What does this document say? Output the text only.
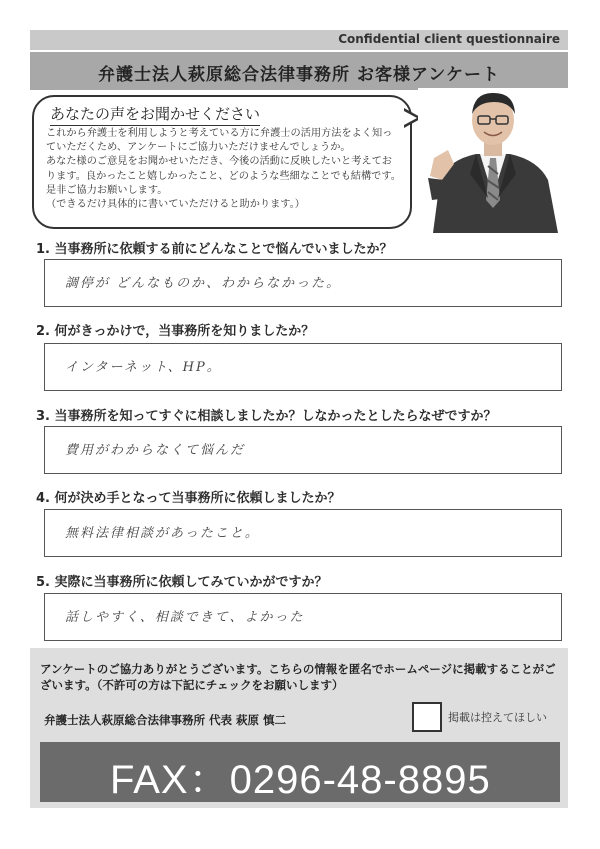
Confidential client questionnaire
弁護士法人萩原総合法律事務所 お客様アンケート
あなたの声をお聞かせください
これから弁護士を利用しようと考えている方に弁護士の活用方法をよく知っていただくため、アンケートにご協力いただけませんでしょうか。
あなた様のご意見をお聞かせいただき、今後の活動に反映したいと考えております。良かったこと嬉しかったこと、どのような些細なことでも結構です。是非ご協力お願いします。
（できるだけ具体的に書いていただけると助かります。）
1. 当事務所に依頼する前にどんなことで悩んでいましたか？
調停が どんなものか、わからなかった。
2. 何がきっかけで，当事務所を知りましたか？
インターネット、HP。
3. 当事務所を知ってすぐに相談しましたか？しなかったとしたらなぜですか？
費用がわからなくて悩んだ
4. 何が決め手となって当事務所に依頼しましたか？
無料法律相談があったこと。
5. 実際に当事務所に依頼してみていかがですか？
話しやすく、相談できて、よかった
アンケートのご協力ありがとうございます。こちらの情報を匿名でホームページに掲載することがございます。（不許可の方は下記にチェックをお願いします）
弁護士法人萩原総合法律事務所 代表 萩原 慎二	掲載は控えてほしい
FAX：0296-48-8895
